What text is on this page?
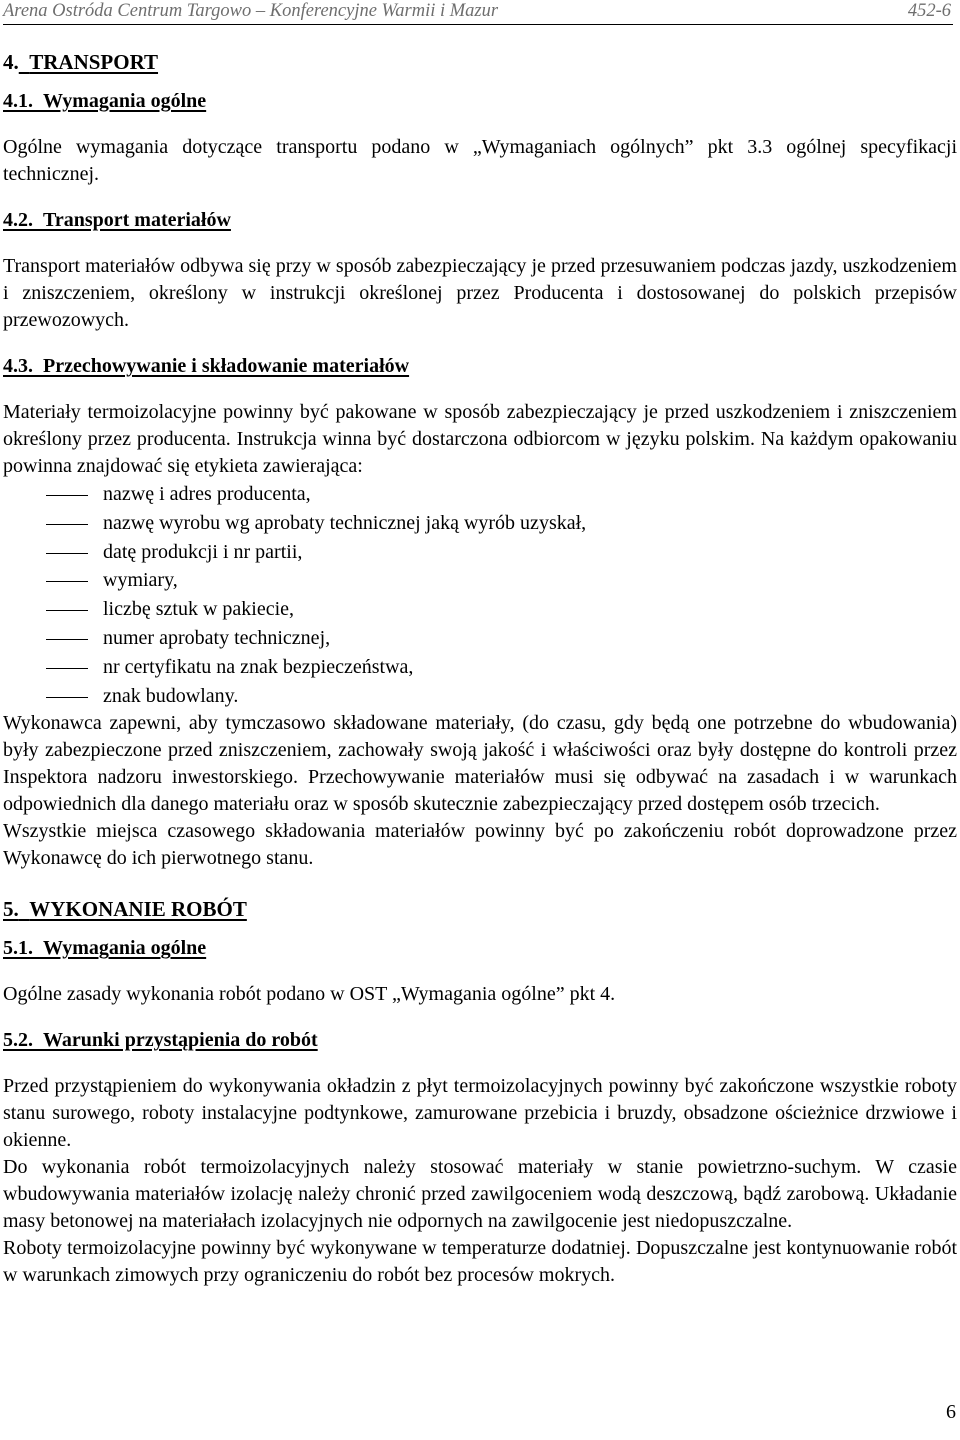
Arena Ostróda Centrum Targowo – Konferencyjne Warmii i Mazur	452-6
4. TRANSPORT
4.1. Wymagania ogólne

Ogólne wymagania dotyczące transportu podano w „Wymaganiach ogólnych” pkt 3.3 ogólnej specyfikacji technicznej.

4.2. Transport materiałów

Transport materiałów odbywa się przy w sposób zabezpieczający je przed przesuwaniem podczas jazdy, uszkodzeniem i zniszczeniem, określony w instrukcji określonej przez Producenta i dostosowanej do polskich przepisów przewozowych.

4.3. Przechowywanie i składowanie materiałów

Materiały termoizolacyjne powinny być pakowane w sposób zabezpieczający je przed uszkodzeniem i zniszczeniem określony przez producenta. Instrukcja winna być dostarczona odbiorcom w języku polskim. Na każdym opakowaniu powinna znajdować się etykieta zawierająca:

nazwę i adres producenta,
nazwę wyrobu wg aprobaty technicznej jaką wyrób uzyskał,
datę produkcji i nr partii,
wymiary,
liczbę sztuk w pakiecie,
numer aprobaty technicznej,
nr certyfikatu na znak bezpieczeństwa,
znak budowlany.

Wykonawca zapewni, aby tymczasowo składowane materiały, (do czasu, gdy będą one potrzebne do wbudowania) były zabezpieczone przed zniszczeniem, zachowały swoją jakość i właściwości oraz były dostępne do kontroli przez Inspektora nadzoru inwestorskiego. Przechowywanie materiałów musi się odbywać na zasadach i w warunkach odpowiednich dla danego materiału oraz w sposób skutecznie zabezpieczający przed dostępem osób trzecich.

Wszystkie miejsca czasowego składowania materiałów powinny być po zakończeniu robót doprowadzone przez Wykonawcę do ich pierwotnego stanu.

5. WYKONANIE ROBÓT
5.1. Wymagania ogólne

Ogólne zasady wykonania robót podano w OST „Wymagania ogólne” pkt 4.

5.2. Warunki przystąpienia do robót

Przed przystąpieniem do wykonywania okładzin z płyt termoizolacyjnych powinny być zakończone wszystkie roboty stanu surowego, roboty instalacyjne podtynkowe, zamurowane przebicia i bruzdy, obsadzone ościeżnice drzwiowe i okienne.

Do wykonania robót termoizolacyjnych należy stosować materiały w stanie powietrzno-suchym. W czasie wbudowywania materiałów izolację należy chronić przed zawilgoceniem wodą deszczową, bądź zarobową. Układanie masy betonowej na materiałach izolacyjnych nie odpornych na zawilgocenie jest niedopuszczalne.

Roboty termoizolacyjne powinny być wykonywane w temperaturze dodatniej. Dopuszczalne jest kontynuowanie robót w warunkach zimowych przy ograniczeniu do robót bez procesów mokrych.

6
